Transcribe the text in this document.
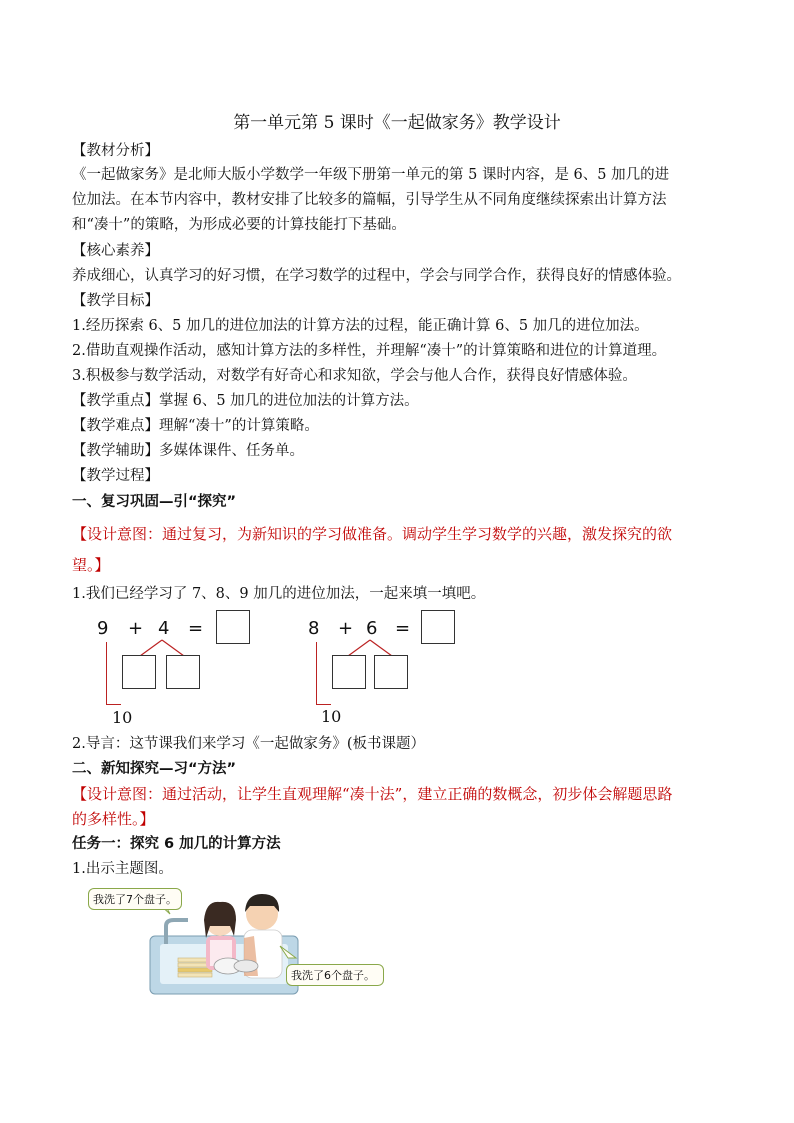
第一单元第 5 课时《一起做家务》教学设计
【教材分析】
《一起做家务》是北师大版小学数学一年级下册第一单元的第 5 课时内容，是 6、5 加几的进
位加法。在本节内容中，教材安排了比较多的篇幅，引导学生从不同角度继续探索出计算方法
和“凑十”的策略，为形成必要的计算技能打下基础。
【核心素养】
养成细心，认真学习的好习惯，在学习数学的过程中，学会与同学合作，获得良好的情感体验。
【教学目标】
1.经历探索 6、5 加几的进位加法的计算方法的过程，能正确计算 6、5 加几的进位加法。
2.借助直观操作活动，感知计算方法的多样性，并理解“凑十”的计算策略和进位的计算道理。
3.积极参与数学活动，对数学有好奇心和求知欲，学会与他人合作，获得良好情感体验。
【教学重点】掌握 6、5 加几的进位加法的计算方法。
【教学难点】理解“凑十”的计算策略。
【教学辅助】多媒体课件、任务单。
【教学过程】
一、复习巩固—引“探究”
【设计意图：通过复习，为新知识的学习做准备。调动学生学习数学的兴趣，激发探究的欲
望。】
1.我们已经学习了 7、8、9 加几的进位加法，一起来填一填吧。
9 + 4 =
10
8 + 6 =
10
2.导言：这节课我们来学习《一起做家务》(板书课题）
二、新知探究—习“方法”
【设计意图：通过活动，让学生直观理解“凑十法”，建立正确的数概念，初步体会解题思路
的多样性。】
任务一：探究 6 加几的计算方法
1.出示主题图。
我洗了7个盘子。
我洗了6个盘子。
